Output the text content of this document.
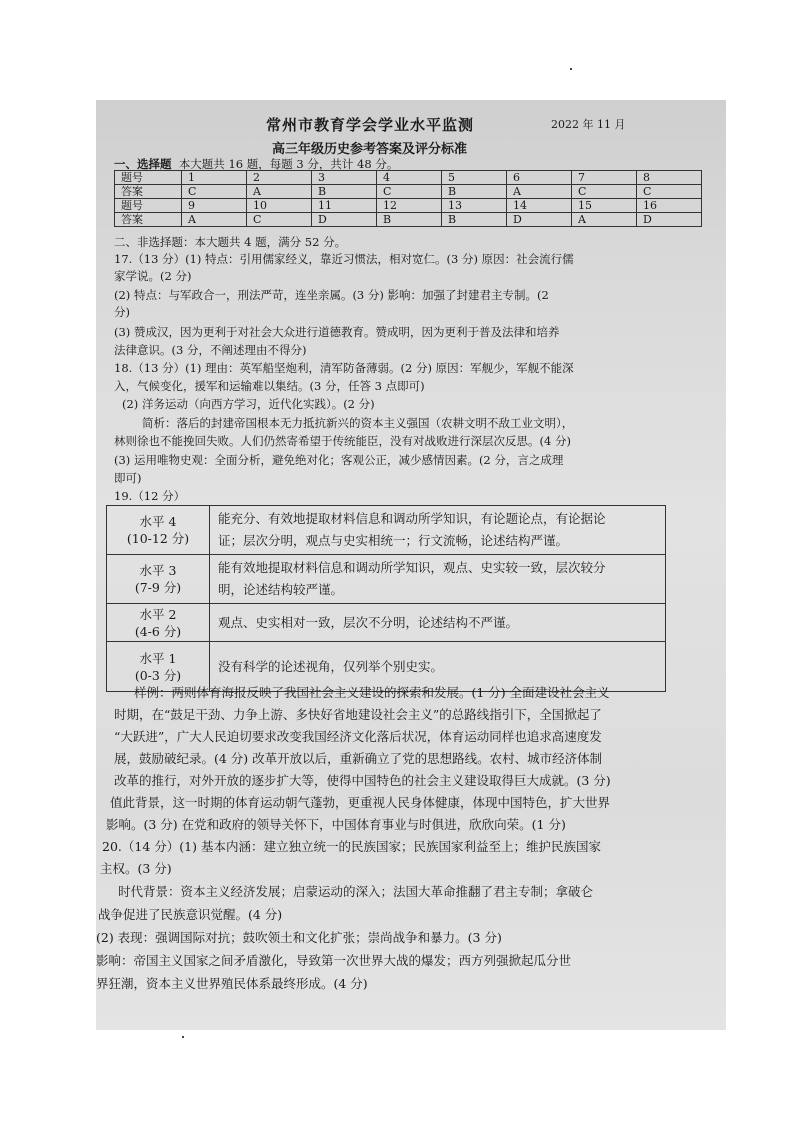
常州市教育学会学业水平监测	2022 年 11 月
高三年级历史参考答案及评分标准
一、选择题 本大题共 16 题，每题 3 分，共计 48 分。
题号	1	2	3	4	5	6	7	8
答案	C	A	B	C	B	A	C	C
题号	9	10	11	12	13	14	15	16
答案	A	C	D	B	B	D	A	D
二、非选择题：本大题共 4 题，满分 52 分。
17.（13 分）(1) 特点：引用儒家经义，靠近习惯法，相对宽仁。(3 分) 原因：社会流行儒
家学说。(2 分)
(2) 特点：与军政合一，刑法严苛，连坐亲属。(3 分) 影响：加强了封建君主专制。(2
分)
(3) 赞成汉，因为更利于对社会大众进行道德教育。赞成明，因为更利于普及法律和培养
法律意识。(3 分，不阐述理由不得分)
18.（13 分）(1) 理由：英军船坚炮利，清军防备薄弱。(2 分) 原因：军舰少，军舰不能深
入，气候变化，援军和运输难以集结。(3 分，任答 3 点即可)
(2) 洋务运动（向西方学习，近代化实践）。(2 分)
简析：落后的封建帝国根本无力抵抗新兴的资本主义强国（农耕文明不敌工业文明），
林则徐也不能挽回失败。人们仍然寄希望于传统能臣，没有对战败进行深层次反思。(4 分)
(3) 运用唯物史观：全面分析，避免绝对化；客观公正，减少感情因素。(2 分，言之成理
即可)
19.（12 分）
水平 4
(10-12 分)	能充分、有效地提取材料信息和调动所学知识，有论题论点，有论据论
证；层次分明，观点与史实相统一；行文流畅，论述结构严谨。
水平 3
(7-9 分)	能有效地提取材料信息和调动所学知识，观点、史实较一致，层次较分
明，论述结构较严谨。
水平 2
(4-6 分)	观点、史实相对一致，层次不分明，论述结构不严谨。
水平 1
(0-3 分)	没有科学的论述视角，仅列举个别史实。
样例：两则体育海报反映了我国社会主义建设的探索和发展。(1 分) 全面建设社会主义
时期，在“鼓足干劲、力争上游、多快好省地建设社会主义”的总路线指引下，全国掀起了
“大跃进”，广大人民迫切要求改变我国经济文化落后状况，体育运动同样也追求高速度发
展，鼓励破纪录。(4 分) 改革开放以后，重新确立了党的思想路线。农村、城市经济体制
改革的推行，对外开放的逐步扩大等，使得中国特色的社会主义建设取得巨大成就。(3 分)
值此背景，这一时期的体育运动朝气蓬勃，更重视人民身体健康，体现中国特色，扩大世界
影响。(3 分) 在党和政府的领导关怀下，中国体育事业与时俱进，欣欣向荣。(1 分)
20.（14 分）(1) 基本内涵：建立独立统一的民族国家；民族国家利益至上；维护民族国家
主权。(3 分)
时代背景：资本主义经济发展；启蒙运动的深入；法国大革命推翻了君主专制；拿破仑
战争促进了民族意识觉醒。(4 分)
(2) 表现：强调国际对抗；鼓吹领土和文化扩张；崇尚战争和暴力。(3 分)
影响：帝国主义国家之间矛盾激化，导致第一次世界大战的爆发；西方列强掀起瓜分世
界狂潮，资本主义世界殖民体系最终形成。(4 分)
